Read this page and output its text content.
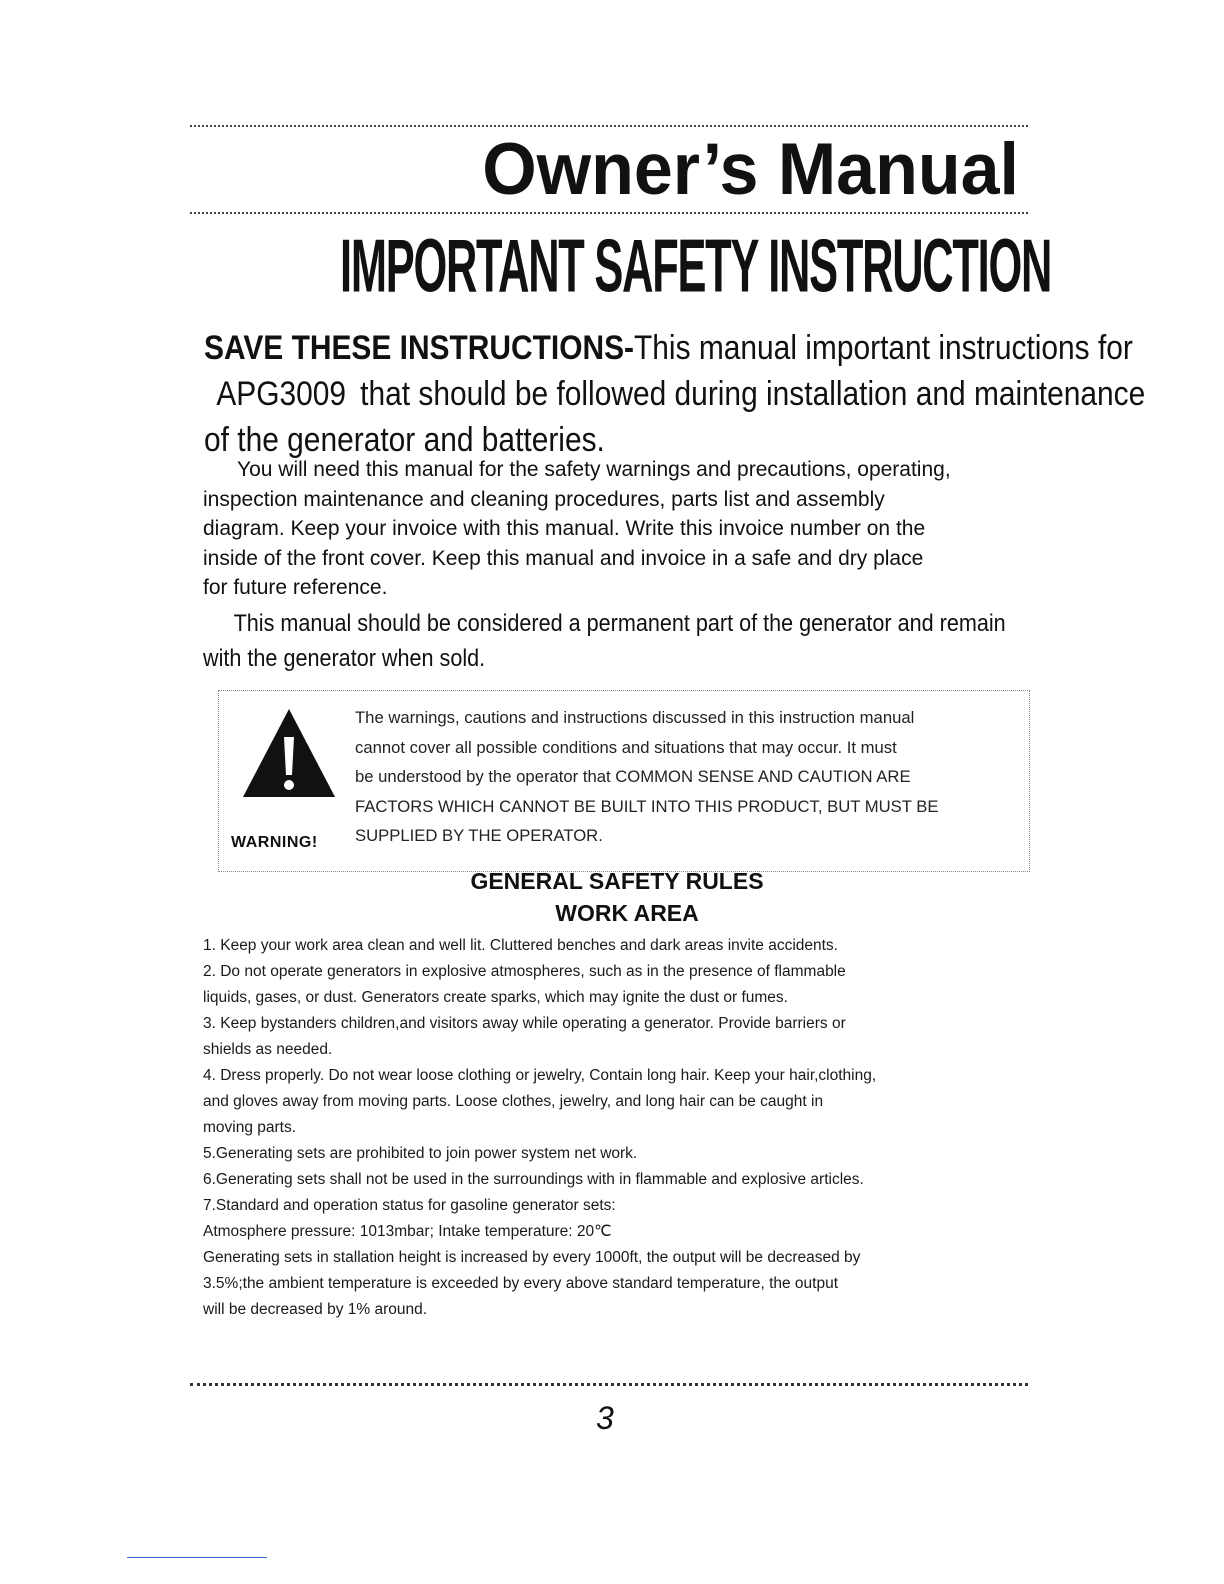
Owner’s Manual
IMPORTANT SAFETY INSTRUCTION
SAVE THESE INSTRUCTIONS-This manual important instructions for
APG3009 that should be followed during installation and maintenance
of the generator and batteries.
You will need this manual for the safety warnings and precautions, operating,
inspection maintenance and cleaning procedures, parts list and assembly
diagram. Keep your invoice with this manual. Write this invoice number on the
inside of the front cover. Keep this manual and invoice in a safe and dry place
for future reference.
This manual should be considered a permanent part of the generator and remain
with the generator when sold.
WARNING!
The warnings, cautions and instructions discussed in this instruction manual
cannot cover all possible conditions and situations that may occur. It must
be understood by the operator that COMMON SENSE AND CAUTION ARE
FACTORS WHICH CANNOT BE BUILT INTO THIS PRODUCT, BUT MUST BE
SUPPLIED BY THE OPERATOR.
GENERAL SAFETY RULES
WORK AREA
1. Keep your work area clean and well lit. Cluttered benches and dark areas invite accidents.
2. Do not operate generators in explosive atmospheres, such as in the presence of flammable
liquids, gases, or dust. Generators create sparks, which may ignite the dust or fumes.
3. Keep bystanders children,and visitors away while operating a generator. Provide barriers or
shields as needed.
4. Dress properly. Do not wear loose clothing or jewelry, Contain long hair. Keep your hair,clothing,
and gloves away from moving parts. Loose clothes, jewelry, and long hair can be caught in
moving parts.
5.Generating sets are prohibited to join power system net work.
6.Generating sets shall not be used in the surroundings with in flammable and explosive articles.
7.Standard and operation status for gasoline generator sets:
Atmosphere pressure: 1013mbar; Intake temperature: 20℃
Generating sets in stallation height is increased by every 1000ft, the output will be decreased by
3.5%;the ambient temperature is exceeded by every above standard temperature, the output
will be decreased by 1% around.
3
